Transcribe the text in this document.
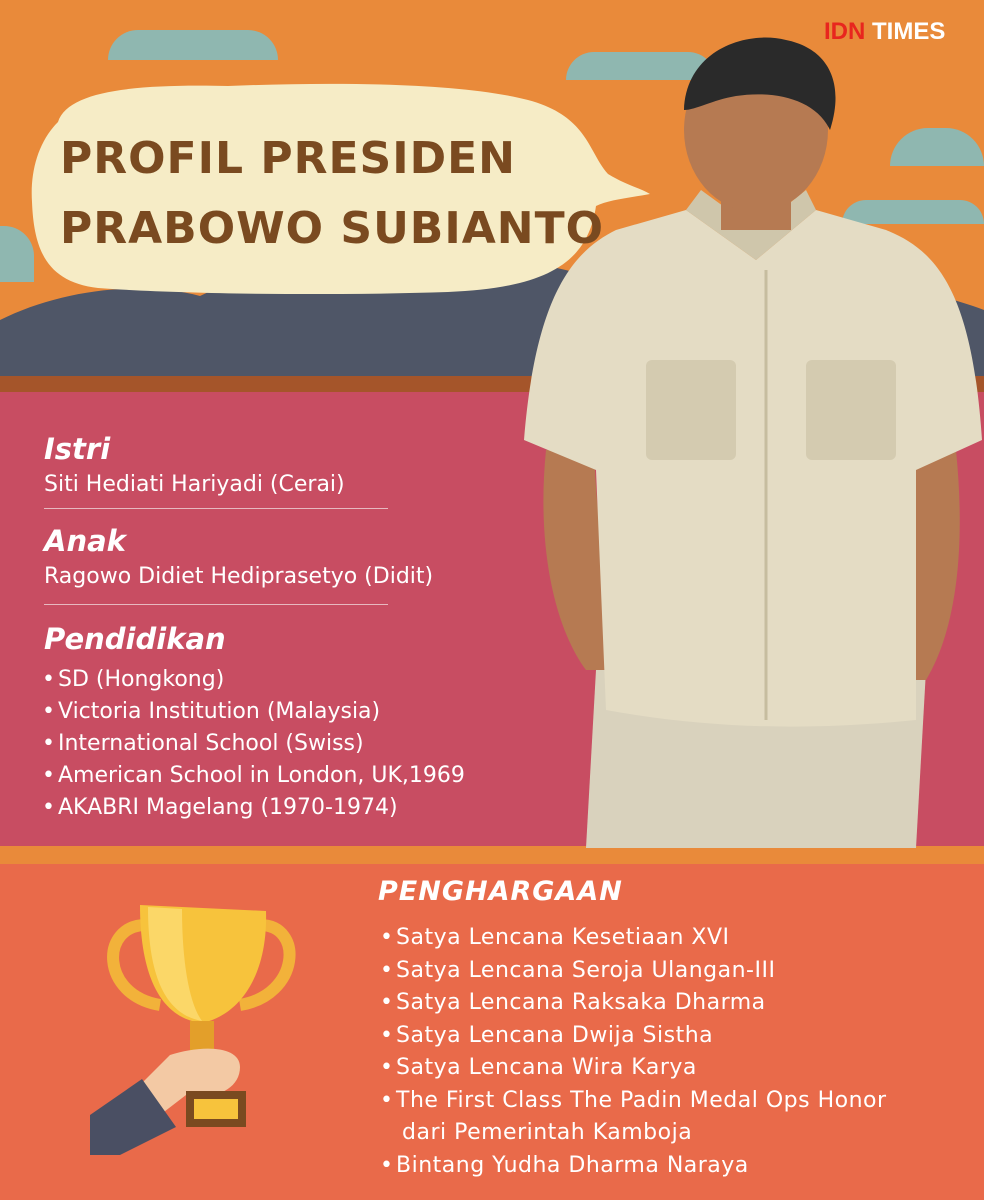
PROFIL PRESIDEN
PRABOWO SUBIANTO
IDN TIMES

Istri

Siti Hediati Hariyadi (Cerai)

Anak

Ragowo Didiet Hediprasetyo (Didit)

Pendidikan

• SD (Hongkong)
• Victoria Institution (Malaysia)
• International School (Swiss)
• American School in London, UK,1969
• AKABRI Magelang (1970-1974)
PENGHARGAAN
• Satya Lencana Kesetiaan XVI
• Satya Lencana Seroja Ulangan-III
• Satya Lencana Raksaka Dharma
• Satya Lencana Dwija Sistha
• Satya Lencana Wira Karya
• The First Class The Padin Medal Ops Honor
dari Pemerintah Kamboja
• Bintang Yudha Dharma Naraya
